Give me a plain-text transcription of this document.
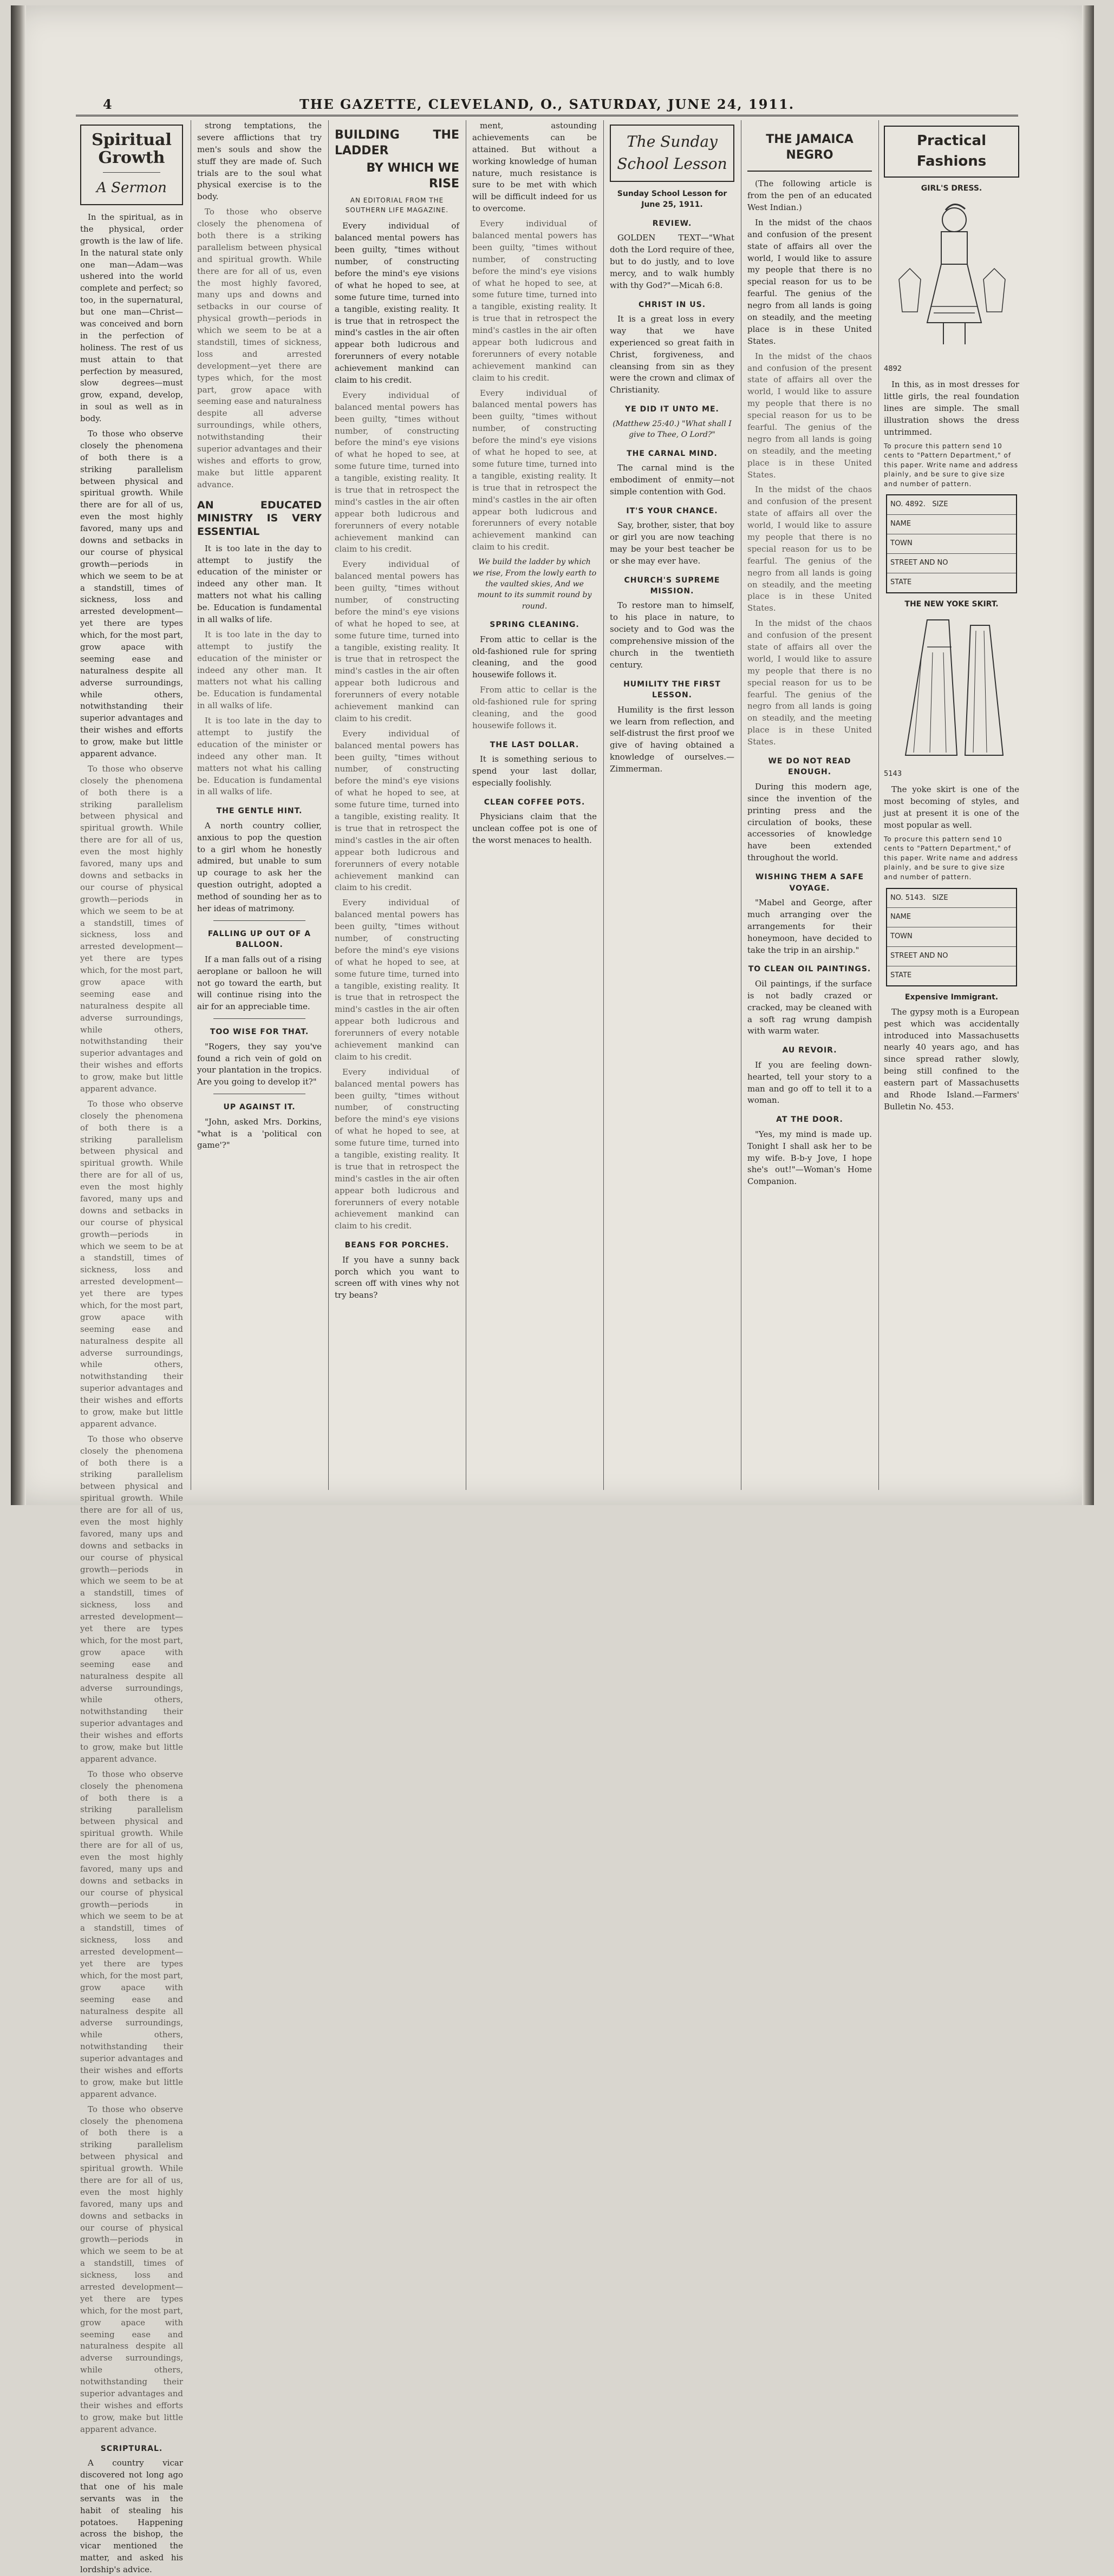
4	THE GAZETTE, CLEVELAND, O., SATURDAY, JUNE 24, 1911.
Spiritual
Growth
A Sermon

In the spiritual, as in the physical, order growth is the law of life. In the natural state only one man—Adam—was ushered into the world complete and perfect; so too, in the supernatural, but one man—Christ—was conceived and born in the perfection of holiness. The rest of us must attain to that perfection by measured, slow degrees—must grow, expand, develop, in soul as well as in body.

To those who observe closely the phenomena of both there is a striking parallelism between physical and spiritual growth. While there are for all of us, even the most highly favored, many ups and downs and setbacks in our course of physical growth—periods in which we seem to be at a standstill, times of sickness, loss and arrested development—yet there are types which, for the most part, grow apace with seeming ease and naturalness despite all adverse surroundings, while others, notwithstanding their superior advantages and their wishes and efforts to grow, make but little apparent advance.

To those who observe closely the phenomena of both there is a striking parallelism between physical and spiritual growth. While there are for all of us, even the most highly favored, many ups and downs and setbacks in our course of physical growth—periods in which we seem to be at a standstill, times of sickness, loss and arrested development—yet there are types which, for the most part, grow apace with seeming ease and naturalness despite all adverse surroundings, while others, notwithstanding their superior advantages and their wishes and efforts to grow, make but little apparent advance.

To those who observe closely the phenomena of both there is a striking parallelism between physical and spiritual growth. While there are for all of us, even the most highly favored, many ups and downs and setbacks in our course of physical growth—periods in which we seem to be at a standstill, times of sickness, loss and arrested development—yet there are types which, for the most part, grow apace with seeming ease and naturalness despite all adverse surroundings, while others, notwithstanding their superior advantages and their wishes and efforts to grow, make but little apparent advance.

To those who observe closely the phenomena of both there is a striking parallelism between physical and spiritual growth. While there are for all of us, even the most highly favored, many ups and downs and setbacks in our course of physical growth—periods in which we seem to be at a standstill, times of sickness, loss and arrested development—yet there are types which, for the most part, grow apace with seeming ease and naturalness despite all adverse surroundings, while others, notwithstanding their superior advantages and their wishes and efforts to grow, make but little apparent advance.

To those who observe closely the phenomena of both there is a striking parallelism between physical and spiritual growth. While there are for all of us, even the most highly favored, many ups and downs and setbacks in our course of physical growth—periods in which we seem to be at a standstill, times of sickness, loss and arrested development—yet there are types which, for the most part, grow apace with seeming ease and naturalness despite all adverse surroundings, while others, notwithstanding their superior advantages and their wishes and efforts to grow, make but little apparent advance.

To those who observe closely the phenomena of both there is a striking parallelism between physical and spiritual growth. While there are for all of us, even the most highly favored, many ups and downs and setbacks in our course of physical growth—periods in which we seem to be at a standstill, times of sickness, loss and arrested development—yet there are types which, for the most part, grow apace with seeming ease and naturalness despite all adverse surroundings, while others, notwithstanding their superior advantages and their wishes and efforts to grow, make but little apparent advance.

SCRIPTURAL.

A country vicar discovered not long ago that one of his male servants was in the habit of stealing his potatoes. Happening across the bishop, the vicar mentioned the matter, and asked his lordship's advice.

strong temptations, the severe afflictions that try men's souls and show the stuff they are made of. Such trials are to the soul what physical exercise is to the body.

To those who observe closely the phenomena of both there is a striking parallelism between physical and spiritual growth. While there are for all of us, even the most highly favored, many ups and downs and setbacks in our course of physical growth—periods in which we seem to be at a standstill, times of sickness, loss and arrested development—yet there are types which, for the most part, grow apace with seeming ease and naturalness despite all adverse surroundings, while others, notwithstanding their superior advantages and their wishes and efforts to grow, make but little apparent advance.

AN EDUCATED MINISTRY IS VERY ESSENTIAL

It is too late in the day to attempt to justify the education of the minister or indeed any other man. It matters not what his calling be. Education is fundamental in all walks of life.

It is too late in the day to attempt to justify the education of the minister or indeed any other man. It matters not what his calling be. Education is fundamental in all walks of life.

It is too late in the day to attempt to justify the education of the minister or indeed any other man. It matters not what his calling be. Education is fundamental in all walks of life.

THE GENTLE HINT.

A north country collier, anxious to pop the question to a girl whom he honestly admired, but unable to sum up courage to ask her the question outright, adopted a method of sounding her as to her ideas of matrimony.

FALLING UP OUT OF A BALLOON.

If a man falls out of a rising aeroplane or balloon he will not go toward the earth, but will continue rising into the air for an appreciable time.

TOO WISE FOR THAT.

"Rogers, they say you've found a rich vein of gold on your plantation in the tropics. Are you going to develop it?"

UP AGAINST IT.

"John, asked Mrs. Dorkins, "what is a 'political con game'?"

BUILDING THE LADDER
BY WHICH WE RISE
AN EDITORIAL FROM THE SOUTHERN LIFE MAGAZINE.

Every individual of balanced mental powers has been guilty, "times without number, of constructing before the mind's eye visions of what he hoped to see, at some future time, turned into a tangible, existing reality. It is true that in retrospect the mind's castles in the air often appear both ludicrous and forerunners of every notable achievement mankind can claim to his credit.

Every individual of balanced mental powers has been guilty, "times without number, of constructing before the mind's eye visions of what he hoped to see, at some future time, turned into a tangible, existing reality. It is true that in retrospect the mind's castles in the air often appear both ludicrous and forerunners of every notable achievement mankind can claim to his credit.

Every individual of balanced mental powers has been guilty, "times without number, of constructing before the mind's eye visions of what he hoped to see, at some future time, turned into a tangible, existing reality. It is true that in retrospect the mind's castles in the air often appear both ludicrous and forerunners of every notable achievement mankind can claim to his credit.

Every individual of balanced mental powers has been guilty, "times without number, of constructing before the mind's eye visions of what he hoped to see, at some future time, turned into a tangible, existing reality. It is true that in retrospect the mind's castles in the air often appear both ludicrous and forerunners of every notable achievement mankind can claim to his credit.

Every individual of balanced mental powers has been guilty, "times without number, of constructing before the mind's eye visions of what he hoped to see, at some future time, turned into a tangible, existing reality. It is true that in retrospect the mind's castles in the air often appear both ludicrous and forerunners of every notable achievement mankind can claim to his credit.

Every individual of balanced mental powers has been guilty, "times without number, of constructing before the mind's eye visions of what he hoped to see, at some future time, turned into a tangible, existing reality. It is true that in retrospect the mind's castles in the air often appear both ludicrous and forerunners of every notable achievement mankind can claim to his credit.

BEANS FOR PORCHES.

If you have a sunny back porch which you want to screen off with vines why not try beans?

ment, astounding achievements can be attained. But without a working knowledge of human nature, much resistance is sure to be met with which will be difficult indeed for us to overcome.

Every individual of balanced mental powers has been guilty, "times without number, of constructing before the mind's eye visions of what he hoped to see, at some future time, turned into a tangible, existing reality. It is true that in retrospect the mind's castles in the air often appear both ludicrous and forerunners of every notable achievement mankind can claim to his credit.

Every individual of balanced mental powers has been guilty, "times without number, of constructing before the mind's eye visions of what he hoped to see, at some future time, turned into a tangible, existing reality. It is true that in retrospect the mind's castles in the air often appear both ludicrous and forerunners of every notable achievement mankind can claim to his credit.

We build the ladder by which we rise, From the lowly earth to the vaulted skies, And we mount to its summit round by round.
SPRING CLEANING.

From attic to cellar is the old-fashioned rule for spring cleaning, and the good housewife follows it.

From attic to cellar is the old-fashioned rule for spring cleaning, and the good housewife follows it.

THE LAST DOLLAR.

It is something serious to spend your last dollar, especially foolishly.

CLEAN COFFEE POTS.

Physicians claim that the unclean coffee pot is one of the worst menaces to health.

The Sunday
School Lesson
Sunday School Lesson for June 25, 1911.
REVIEW.

GOLDEN TEXT—"What doth the Lord require of thee, but to do justly, and to love mercy, and to walk humbly with thy God?"—Micah 6:8.

CHRIST IN US.

It is a great loss in every way that we have experienced so great faith in Christ, forgiveness, and cleansing from sin as they were the crown and climax of Christianity.

YE DID IT UNTO ME.
(Matthew 25:40.) "What shall I give to Thee, O Lord?"
THE CARNAL MIND.

The carnal mind is the embodiment of enmity—not simple contention with God.

IT'S YOUR CHANCE.

Say, brother, sister, that boy or girl you are now teaching may be your best teacher be or she may ever have.

CHURCH'S SUPREME MISSION.

To restore man to himself, to his place in nature, to society and to God was the comprehensive mission of the church in the twentieth century.

HUMILITY THE FIRST LESSON.

Humility is the first lesson we learn from reflection, and self-distrust the first proof we give of having obtained a knowledge of ourselves.—Zimmerman.

THE JAMAICA NEGRO

(The following article is from the pen of an educated West Indian.)

In the midst of the chaos and confusion of the present state of affairs all over the world, I would like to assure my people that there is no special reason for us to be fearful. The genius of the negro from all lands is going on steadily, and the meeting place is in these United States.

In the midst of the chaos and confusion of the present state of affairs all over the world, I would like to assure my people that there is no special reason for us to be fearful. The genius of the negro from all lands is going on steadily, and the meeting place is in these United States.

In the midst of the chaos and confusion of the present state of affairs all over the world, I would like to assure my people that there is no special reason for us to be fearful. The genius of the negro from all lands is going on steadily, and the meeting place is in these United States.

In the midst of the chaos and confusion of the present state of affairs all over the world, I would like to assure my people that there is no special reason for us to be fearful. The genius of the negro from all lands is going on steadily, and the meeting place is in these United States.

WE DO NOT READ ENOUGH.

During this modern age, since the invention of the printing press and the circulation of books, these accessories of knowledge have been extended throughout the world.

WISHING THEM A SAFE VOYAGE.

"Mabel and George, after much arranging over the arrangements for their honeymoon, have decided to take the trip in an airship."

TO CLEAN OIL PAINTINGS.

Oil paintings, if the surface is not badly crazed or cracked, may be cleaned with a soft rag wrung dampish with warm water.

AU REVOIR.

If you are feeling down-hearted, tell your story to a man and go off to tell it to a woman.

AT THE DOOR.

"Yes, my mind is made up. Tonight I shall ask her to be my wife. B-b-y Jove, I hope she's out!"—Woman's Home Companion.

Practical Fashions
GIRL'S DRESS.
4892

In this, as in most dresses for little girls, the real foundation lines are simple. The small illustration shows the dress untrimmed.

To procure this pattern send 10 cents to "Pattern Department," of this paper. Write name and address plainly, and be sure to give size and number of pattern.
NO. 4892. SIZE
NAME
TOWN
STREET AND NO
STATE
THE NEW YOKE SKIRT.
5143

The yoke skirt is one of the most becoming of styles, and just at present it is one of the most popular as well.

To procure this pattern send 10 cents to "Pattern Department," of this paper. Write name and address plainly, and be sure to give size and number of pattern.
NO. 5143. SIZE
NAME
TOWN
STREET AND NO
STATE
Expensive Immigrant.

The gypsy moth is a European pest which was accidentally introduced into Massachusetts nearly 40 years ago, and has since spread rather slowly, being still confined to the eastern part of Massachusetts and Rhode Island.—Farmers' Bulletin No. 453.
